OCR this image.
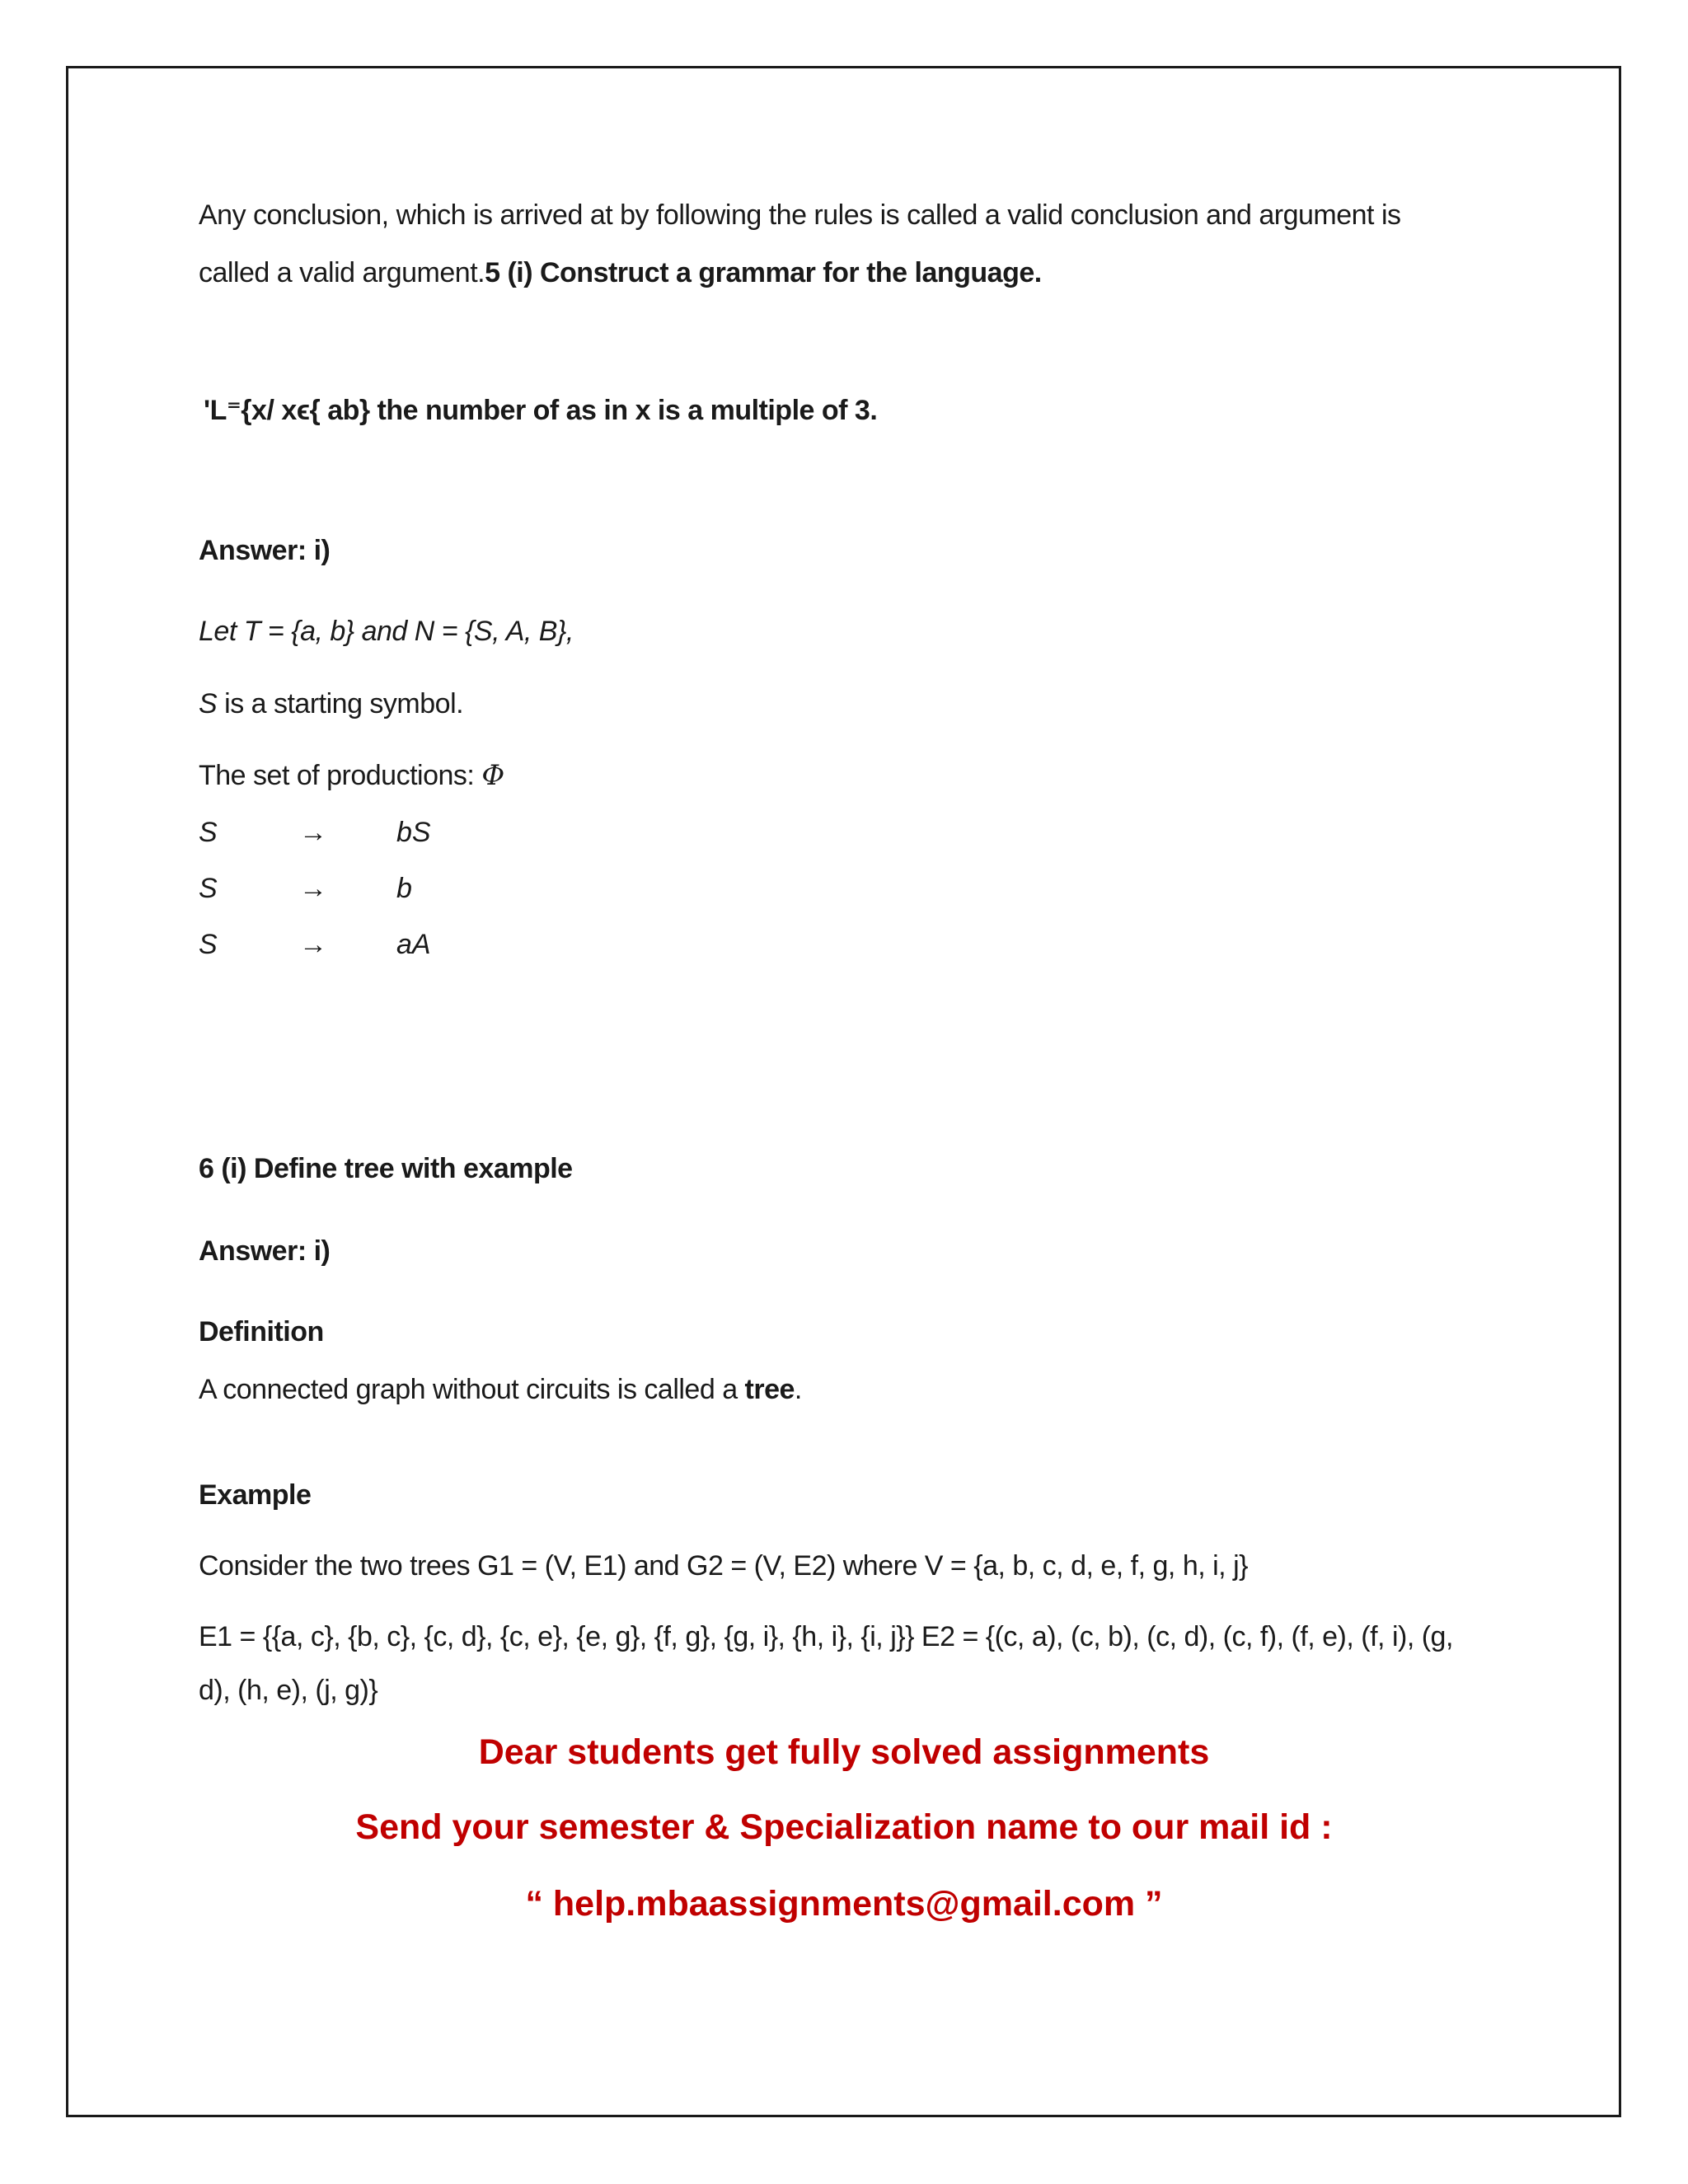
Any conclusion, which is arrived at by following the rules is called a valid conclusion and argument is
called a valid argument.5 (i) Construct a grammar for the language.
'L⁼{x/ xϵ{ ab} the number of as in x is a multiple of 3.
Answer: i)
Let T = {a, b} and N = {S, A, B},
S is a starting symbol.
The set of productions: Φ
S	→ bS
S	→ b
S	→ aA
6 (i) Define tree with example
Answer: i)
Definition
A connected graph without circuits is called a tree.
Example
Consider the two trees G1 = (V, E1) and G2 = (V, E2) where V = {a, b, c, d, e, f, g, h, i, j}
E1 = {{a, c}, {b, c}, {c, d}, {c, e}, {e, g}, {f, g}, {g, i}, {h, i}, {i, j}} E2 = {(c, a), (c, b), (c, d), (c, f), (f, e), (f, i), (g,
d), (h, e), (j, g)}
Dear students get fully solved assignments
Send your semester & Specialization name to our mail id :
“ help.mbaassignments@gmail.com ”
